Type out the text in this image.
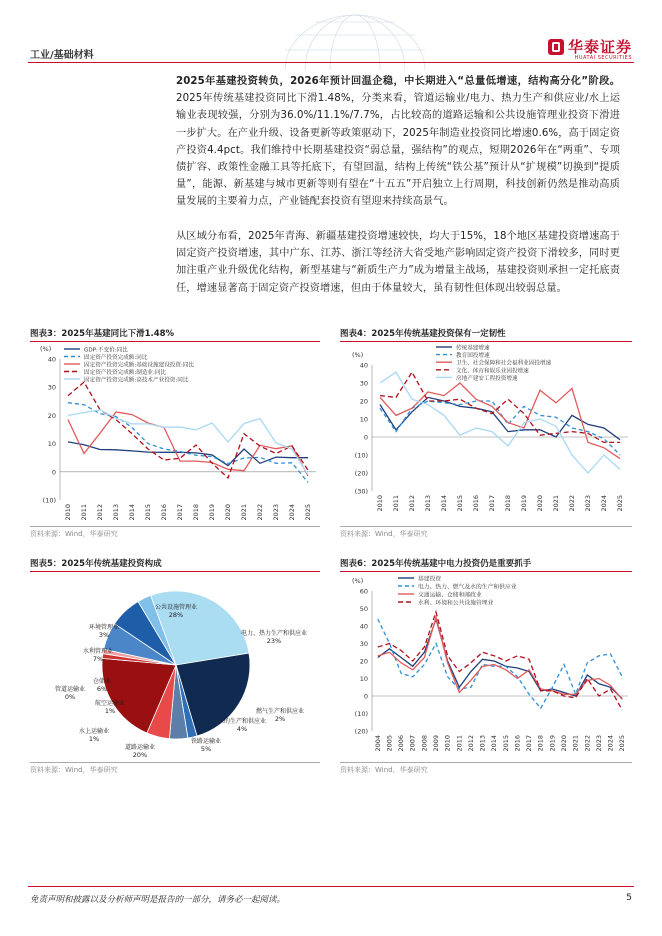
工业/基础材料	华泰证券
HUATAI SECURITIES
2025年基建投资转负，2026年预计回温企稳，中长期进入“总量低增速，结构高分化”阶段。2025年传统基建投资同比下滑1.48%，分类来看，管道运输业/电力、热力生产和供应业/水上运输业表现较强，分别为36.0%/11.1%/7.7%，占比较高的道路运输和公共设施管理业投资下滑进一步扩大。在产业升级、设备更新等政策驱动下，2025年制造业投资同比增速0.6%，高于固定资产投资4.4pct。我们维持中长期基建投资“弱总量，强结构”的观点，短期2026年在“两重”、专项债扩容、政策性金融工具等托底下，有望回温，结构上传统“铁公基”预计从“扩规模”切换到“提质量”，能源、新基建与城市更新等则有望在“十五五”开启独立上行周期，科技创新仍然是推动高质量发展的主要着力点，产业链配套投资有望迎来持续高景气。
从区域分布看，2025年青海、新疆基建投资增速较快，均大于15%，18个地区基建投资增速高于固定资产投资增速，其中广东、江苏、浙江等经济大省受地产影响固定资产投资下滑较多，同时更加注重产业升级优化结构，新型基建与“新质生产力”成为增量主战场，基建投资则承担一定托底责任，增速显著高于固定资产投资增速，但由于体量较大，虽有韧性但体现出较弱总量。
图表3：2025年基建同比下滑1.48%
(%)
40
30
20
10
0
(10)
2010 2011 2012 2013 2014 2015 2016 2017 2018 2019 2020 2021 2022 2023 2024 2025
GDP:不变价:同比
固定资产投资完成额:同比
固定资产投资完成额:基础设施建设投资:同比
固定资产投资完成额:制造业:同比
固定资产投资完成额:高技术产业投资:同比
资料来源：Wind，华泰研究
图表4：2025年传统基建投资保有一定韧性
(%)
40
30
20
10
0
(10)
(20)
(30)
2010 2011 2012 2013 2014 2015 2016 2017 2018 2019 2020 2021 2022 2023 2024 2025
传统基建增速
教育固投增速
卫生、社会保障和社会福利业固投增速
文化、体育和娱乐业固投增速
房地产建安工程投资增速
资料来源：Wind，华泰研究
图表5：2025年传统基建投资构成
公共设施管理业
28%
电力、热力生产和供应业
23%
燃气生产和供应业
2%
水的生产和供应业
4%
铁路运输业
5%
道路运输业
20%
水上运输业
1%
航空运输业
1%
管道运输业
0%
仓储业
6%
水利管理业
7%
环境管理业
3%
资料来源：Wind，华泰研究
图表6：2025年传统基建中电力投资仍是重要抓手
(%)
60
50
40
30
20
10
0
(10)
(20)
2004 2005 2006 2007 2008 2009 2010 2011 2012 2013 2014 2015 2016 2017 2018 2019 2020 2021 2022 2023 2024 2025
基建投资
电力、热力、燃气及水的生产和供应业
交通运输、仓储和邮政业
水利、环境和公共设施管理业
资料来源：Wind，华泰研究
免责声明和披露以及分析师声明是报告的一部分，请务必一起阅读。	5
